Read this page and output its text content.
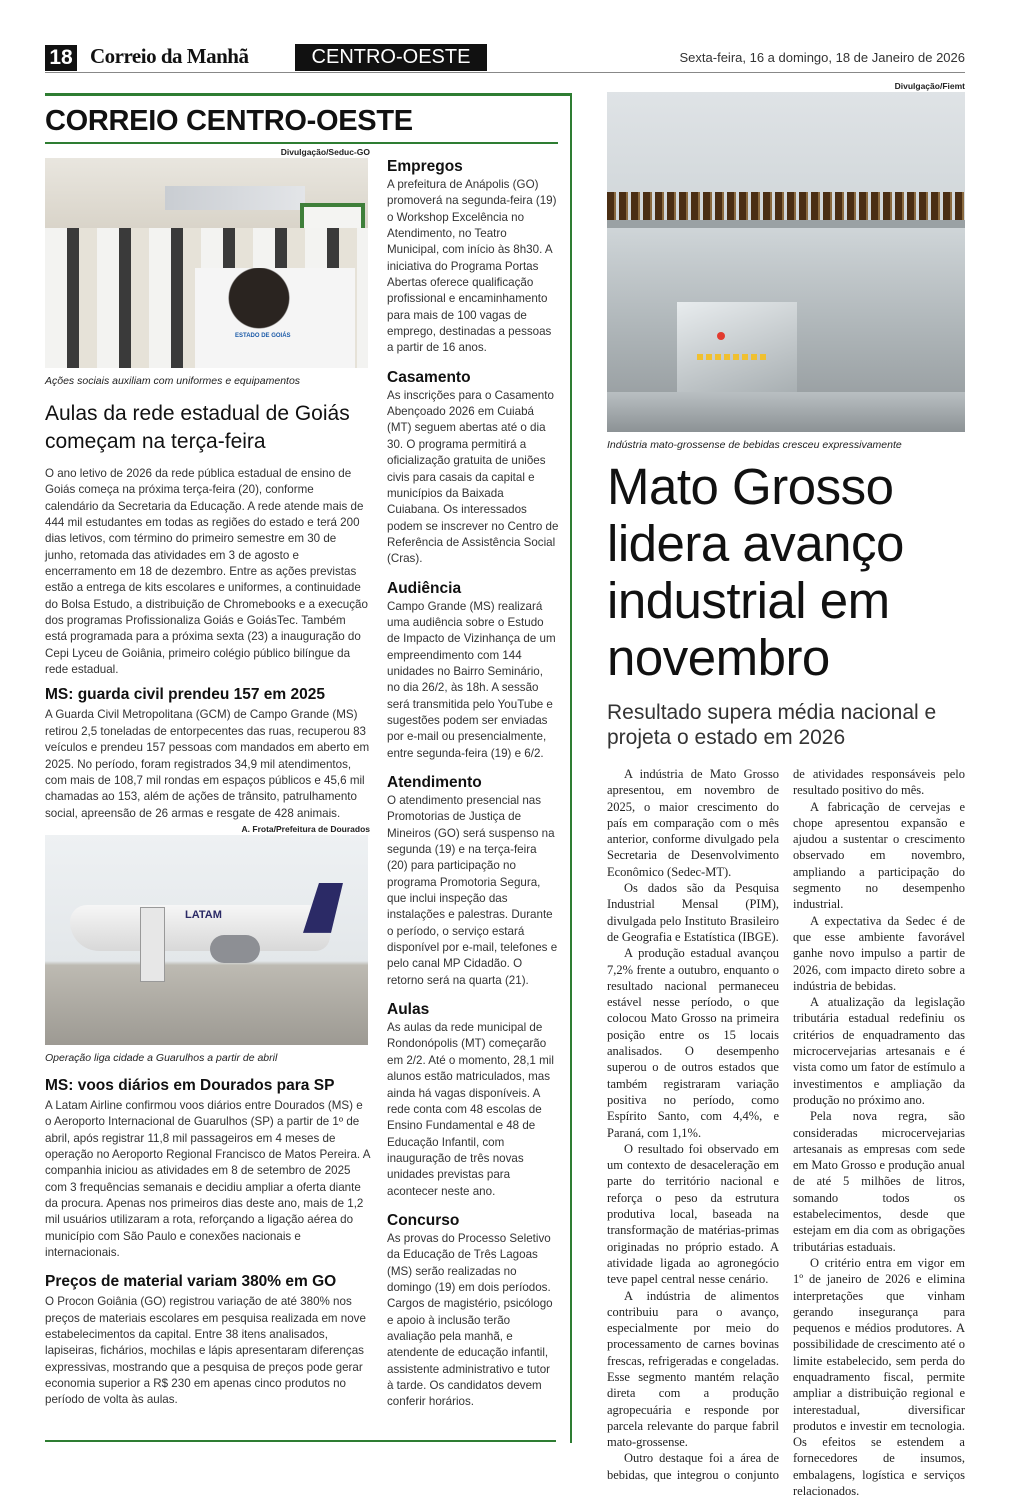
18 Correio da Manhã	CENTRO-OESTE	Sexta-feira, 16 a domingo, 18 de Janeiro de 2026
CORREIO CENTRO-OESTE
Divulgação/Seduc-GO
ESTADO DE GOIÁS
Ações sociais auxiliam com uniformes e equipamentos
Aulas da rede estadual de Goiás começam na terça-feira
O ano letivo de 2026 da rede pública estadual de ensino de Goiás começa na próxima terça-feira (20), conforme calendário da Secretaria da Educação. A rede atende mais de 444 mil estudantes em todas as regiões do estado e terá 200 dias letivos, com término do primeiro semestre em 30 de junho, retomada das atividades em 3 de agosto e encerramento em 18 de dezembro. Entre as ações previstas estão a entrega de kits escolares e uniformes, a continuidade do Bolsa Estudo, a distribuição de Chromebooks e a execução dos programas Profissionaliza Goiás e GoiásTec. Também está programada para a próxima sexta (23) a inauguração do Cepi Lyceu de Goiânia, primeiro colégio público bilíngue da rede estadual.
MS: guarda civil prendeu 157 em 2025
A Guarda Civil Metropolitana (GCM) de Campo Grande (MS) retirou 2,5 toneladas de entorpecentes das ruas, recuperou 83 veículos e prendeu 157 pessoas com mandados em aberto em 2025. No período, foram registrados 34,9 mil atendimentos, com mais de 108,7 mil rondas em espaços públicos e 45,6 mil chamadas ao 153, além de ações de trânsito, patrulhamento social, apreensão de 26 armas e resgate de 428 animais.
A. Frota/Prefeitura de Dourados
LATAM
Operação liga cidade a Guarulhos a partir de abril
MS: voos diários em Dourados para SP
A Latam Airline confirmou voos diários entre Dourados (MS) e o Aeroporto Internacional de Guarulhos (SP) a partir de 1º de abril, após registrar 11,8 mil passageiros em 4 meses de operação no Aeroporto Regional Francisco de Matos Pereira. A companhia iniciou as atividades em 8 de setembro de 2025 com 3 frequências semanais e decidiu ampliar a oferta diante da procura. Apenas nos primeiros dias deste ano, mais de 1,2 mil usuários utilizaram a rota, reforçando a ligação aérea do município com São Paulo e conexões nacionais e internacionais.
Preços de material variam 380% em GO
O Procon Goiânia (GO) registrou variação de até 380% nos preços de materiais escolares em pesquisa realizada em nove estabelecimentos da capital. Entre 38 itens analisados, lapiseiras, fichários, mochilas e lápis apresentaram diferenças expressivas, mostrando que a pesquisa de preços pode gerar economia superior a R$ 230 em apenas cinco produtos no período de volta às aulas.
Empregos
A prefeitura de Anápolis (GO) promoverá na segunda-feira (19) o Workshop Excelência no Atendimento, no Teatro Municipal, com início às 8h30. A iniciativa do Programa Portas Abertas oferece qualificação profissional e encaminhamento para mais de 100 vagas de emprego, destinadas a pessoas a partir de 16 anos.
Casamento
As inscrições para o Casamento Abençoado 2026 em Cuiabá (MT) seguem abertas até o dia 30. O programa permitirá a oficialização gratuita de uniões civis para casais da capital e municípios da Baixada Cuiabana. Os interessados podem se inscrever no Centro de Referência de Assistência Social (Cras).
Audiência
Campo Grande (MS) realizará uma audiência sobre o Estudo de Impacto de Vizinhança de um empreendimento com 144 unidades no Bairro Seminário, no dia 26/2, às 18h. A sessão será transmitida pelo YouTube e sugestões podem ser enviadas por e-mail ou presencialmente, entre segunda-feira (19) e 6/2.
Atendimento
O atendimento presencial nas Promotorias de Justiça de Mineiros (GO) será suspenso na segunda (19) e na terça-feira (20) para participação no programa Promotoria Segura, que inclui inspeção das instalações e palestras. Durante o período, o serviço estará disponível por e-mail, telefones e pelo canal MP Cidadão. O retorno será na quarta (21).
Aulas
As aulas da rede municipal de Rondonópolis (MT) começarão em 2/2. Até o momento, 28,1 mil alunos estão matriculados, mas ainda há vagas disponíveis. A rede conta com 48 escolas de Ensino Fundamental e 48 de Educação Infantil, com inauguração de três novas unidades previstas para acontecer neste ano.
Concurso
As provas do Processo Seletivo da Educação de Três Lagoas (MS) serão realizadas no domingo (19) em dois períodos. Cargos de magistério, psicólogo e apoio à inclusão terão avaliação pela manhã, e atendente de educação infantil, assistente administrativo e tutor à tarde. Os candidatos devem conferir horários.
Divulgação/Fiemt
Indústria mato-grossense de bebidas cresceu expressivamente
Mato Grosso lidera avanço industrial em novembro
Resultado supera média nacional e projeta o estado em 2026

A indústria de Mato Grosso apresentou, em novembro de 2025, o maior crescimento do país em comparação com o mês anterior, conforme divulgado pela Secretaria de Desenvolvimento Econômico (Sedec-MT).

Os dados são da Pesquisa Industrial Mensal (PIM), divulgada pelo Instituto Brasileiro de Geografia e Estatística (IBGE).

A produção estadual avançou 7,2% frente a outubro, enquanto o resultado nacional permaneceu estável nesse período, o que colocou Mato Grosso na primeira posição entre os 15 locais analisados. O desempenho superou o de outros estados que também registraram variação positiva no período, como Espírito Santo, com 4,4%, e Paraná, com 1,1%.

O resultado foi observado em um contexto de desaceleração em parte do território nacional e reforça o peso da estrutura produtiva local, baseada na transformação de matérias-primas originadas no próprio estado. A atividade ligada ao agronegócio teve papel central nesse cenário.

A indústria de alimentos contribuiu para o avanço, especialmente por meio do processamento de carnes bovinas frescas, refrigeradas e congeladas. Esse segmento mantém relação direta com a produção agropecuária e responde por parcela relevante do parque fabril mato-grossense.

Outro destaque foi a área de bebidas, que integrou o conjunto de atividades responsáveis pelo resultado positivo do mês.

A fabricação de cervejas e chope apresentou expansão e ajudou a sustentar o crescimento observado em novembro, ampliando a participação do segmento no desempenho industrial.

A expectativa da Sedec é de que esse ambiente favorável ganhe novo impulso a partir de 2026, com impacto direto sobre a indústria de bebidas.

A atualização da legislação tributária estadual redefiniu os critérios de enquadramento das microcervejarias artesanais e é vista como um fator de estímulo a investimentos e ampliação da produção no próximo ano.

Pela nova regra, são consideradas microcervejarias artesanais as empresas com sede em Mato Grosso e produção anual de até 5 milhões de litros, somando todos os estabelecimentos, desde que estejam em dia com as obrigações tributárias estaduais.

O critério entra em vigor em 1º de janeiro de 2026 e elimina interpretações que vinham gerando insegurança para pequenos e médios produtores. A possibilidade de crescimento até o limite estabelecido, sem perda do enquadramento fiscal, permite ampliar a distribuição regional e interestadual, diversificar produtos e investir em tecnologia. Os efeitos se estendem a fornecedores de insumos, embalagens, logística e serviços relacionados.
